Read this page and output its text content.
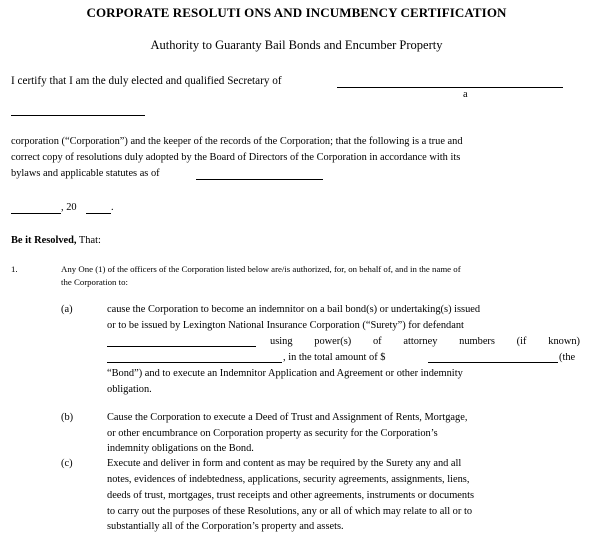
CORPORATE RESOLUTI ONS AND INCUMBENCY CERTIFICATION
Authority to Guaranty Bail Bonds and Encumber Property
I certify that I am the duly elected and qualified Secretary of
a
corporation (“Corporation”) and the keeper of the records of the Corporation; that the following is a true and
correct copy of resolutions duly adopted by the Board of Directors of the Corporation in accordance with its
bylaws and applicable statutes as of
, 20	.
Be it Resolved, That:
1.	Any One (1) of the officers of the Corporation listed below are/is authorized, for, on behalf of, and in the name of
the Corporation to:
(a)	cause the Corporation to become an indemnitor on a bail bond(s) or undertaking(s) issued
or to be issued by Lexington National Insurance Corporation (“Surety”) for defendant
using power(s) of attorney numbers (if known)
, in the total amount of $	(the
“Bond”) and to execute an Indemnitor Application and Agreement or other indemnity
obligation.
(b)	Cause the Corporation to execute a Deed of Trust and Assignment of Rents, Mortgage,
or other encumbrance on Corporation property as security for the Corporation’s
indemnity obligations on the Bond.
(c)	Execute and deliver in form and content as may be required by the Surety any and all
notes, evidences of indebtedness, applications, security agreements, assignments, liens,
deeds of trust, mortgages, trust receipts and other agreements, instruments or documents
to carry out the purposes of these Resolutions, any or all of which may relate to all or to
substantially all of the Corporation’s property and assets.
